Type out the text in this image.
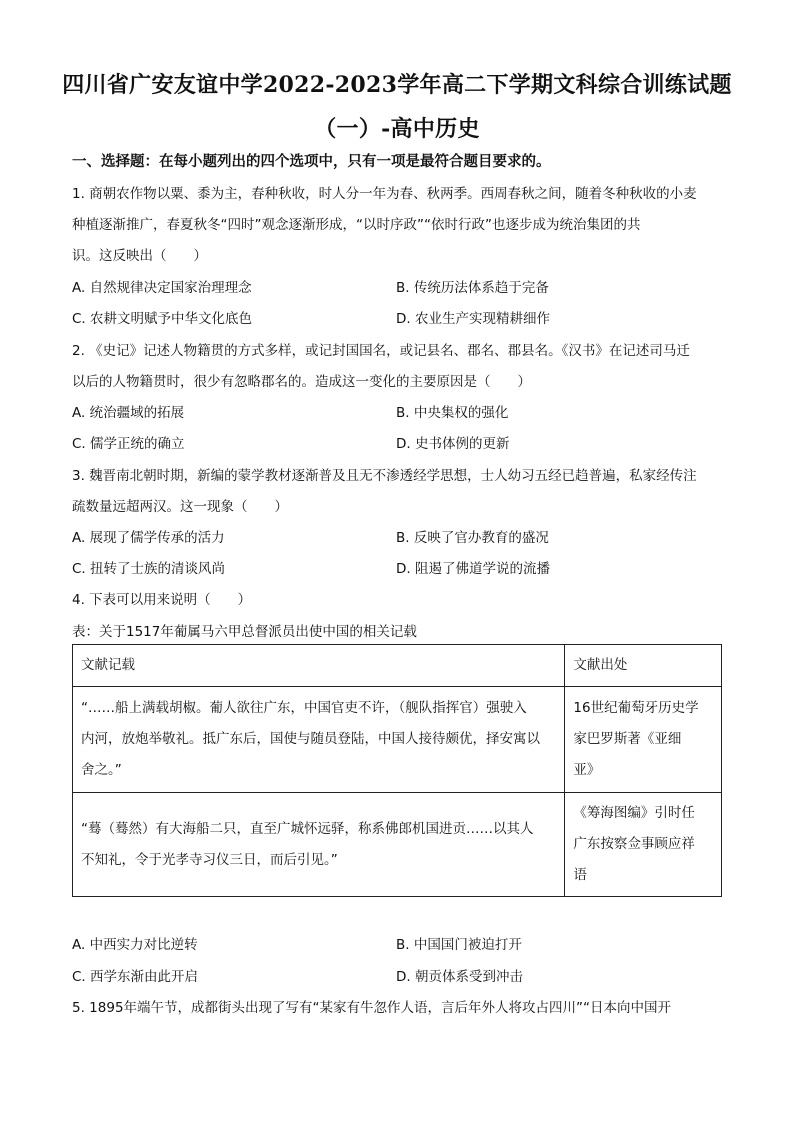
四川省广安友谊中学2022-2023学年高二下学期文科综合训练试题
（一）-高中历史
一、选择题：在每小题列出的四个选项中，只有一项是最符合题目要求的。
1. 商朝农作物以粟、黍为主，春种秋收，时人分一年为春、秋两季。西周春秋之间，随着冬种秋收的小麦
种植逐渐推广，春夏秋冬“四时”观念逐渐形成，“以时序政”“依时行政”也逐步成为统治集团的共
识。这反映出（　　）
A. 自然规律决定国家治理理念	B. 传统历法体系趋于完备
C. 农耕文明赋予中华文化底色	D. 农业生产实现精耕细作
2. 《史记》记述人物籍贯的方式多样，或记封国国名，或记县名、郡名、郡县名。《汉书》在记述司马迁
以后的人物籍贯时，很少有忽略郡名的。造成这一变化的主要原因是（　　）
A. 统治疆域的拓展	B. 中央集权的强化
C. 儒学正统的确立	D. 史书体例的更新
3. 魏晋南北朝时期，新编的蒙学教材逐渐普及且无不渗透经学思想，士人幼习五经已趋普遍，私家经传注
疏数量远超两汉。这一现象（　　）
A. 展现了儒学传承的活力	B. 反映了官办教育的盛况
C. 扭转了士族的清谈风尚	D. 阻遏了佛道学说的流播
4. 下表可以用来说明（　　）
表：关于1517年葡属马六甲总督派员出使中国的相关记载
文献记载	文献出处

“……船上满载胡椒。葡人欲往广东，中国官吏不许，（舰队指挥官）强驶入
内河，放炮举敬礼。抵广东后，国使与随员登陆，中国人接待颇优，择安寓以
舍之。”	16世纪葡萄牙历史学
家巴罗斯著《亚细
亚》

“蓦（蓦然）有大海船二只，直至广城怀远驿，称系佛郎机国进贡……以其人
不知礼，令于光孝寺习仪三日，而后引见。”	《筹海图编》引时任
广东按察佥事顾应祥
语
A. 中西实力对比逆转	B. 中国国门被迫打开
C. 西学东渐由此开启	D. 朝贡体系受到冲击
5. 1895年端午节，成都街头出现了写有“某家有牛忽作人语，言后年外人将攻占四川”“日本向中国开
